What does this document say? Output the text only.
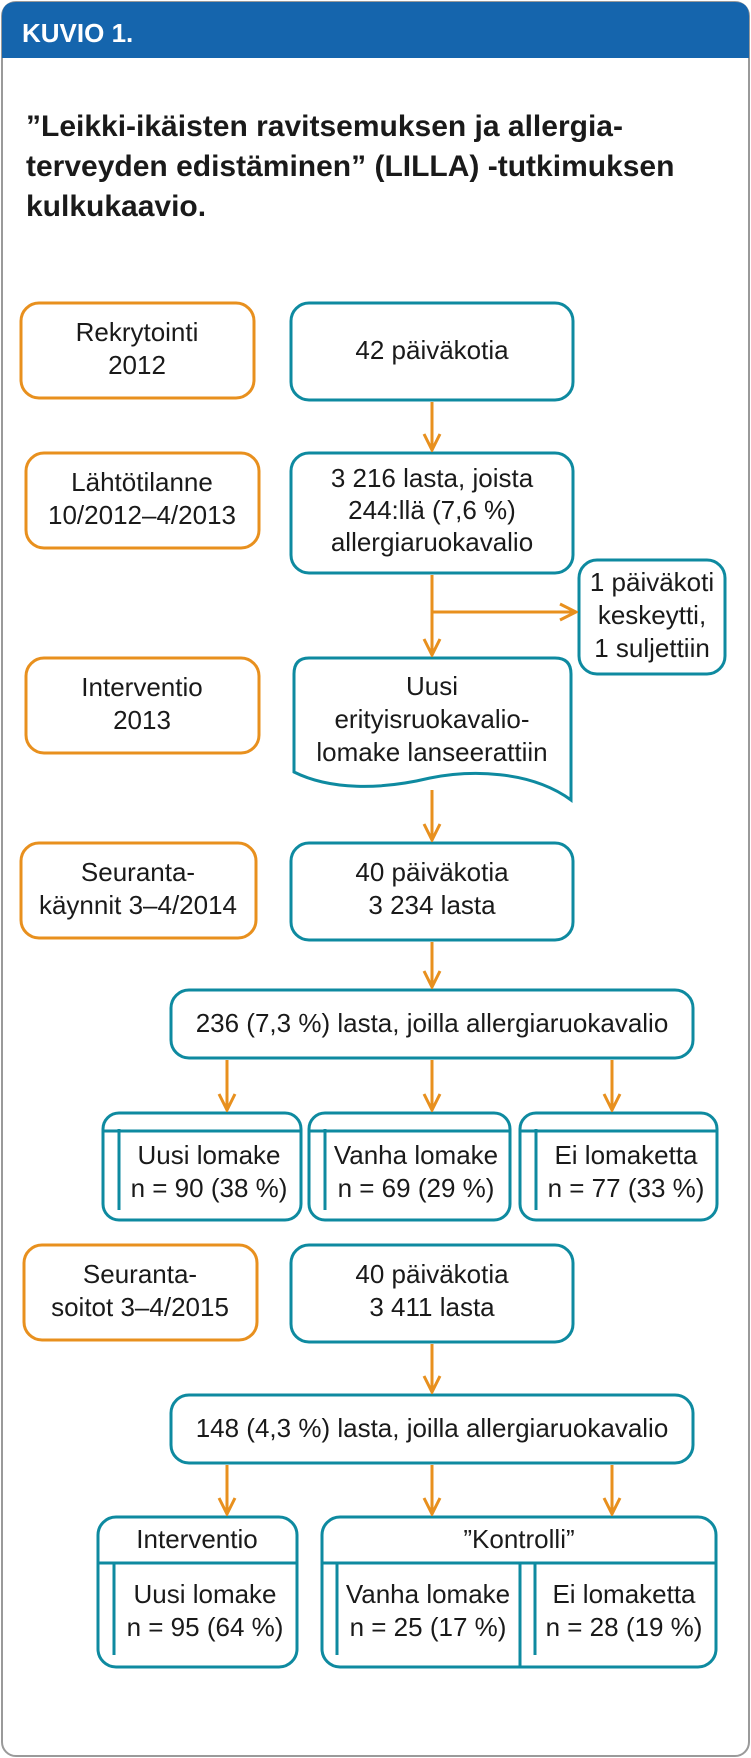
KUVIO 1.
”Leikki-ikäisten ravitsemuksen ja allergia-
terveyden edistäminen” (LILLA) -tutkimuksen
kulkukaavio.
Rekrytointi
2012
Lähtötilanne
10/2012–4/2013
Interventio
2013
Seuranta-
käynnit 3–4/2014
Seuranta-
soitot 3–4/2015
42 päiväkotia
3 216 lasta, joista
244:llä (7,6 %)
allergiaruokavalio
1 päiväkoti
keskeytti,
1 suljettiin
Uusi
erityisruokavalio-
lomake lanseerattiin
40 päiväkotia
3 234 lasta
236 (7,3 %) lasta, joilla allergiaruokavalio
Uusi lomake
n = 90 (38 %)
Vanha lomake
n = 69 (29 %)
Ei lomaketta
n = 77 (33 %)
40 päiväkotia
3 411 lasta
148 (4,3 %) lasta, joilla allergiaruokavalio
Interventio
Uusi lomake
n = 95 (64 %)
”Kontrolli”
Vanha lomake
n = 25 (17 %)
Ei lomaketta
n = 28 (19 %)
